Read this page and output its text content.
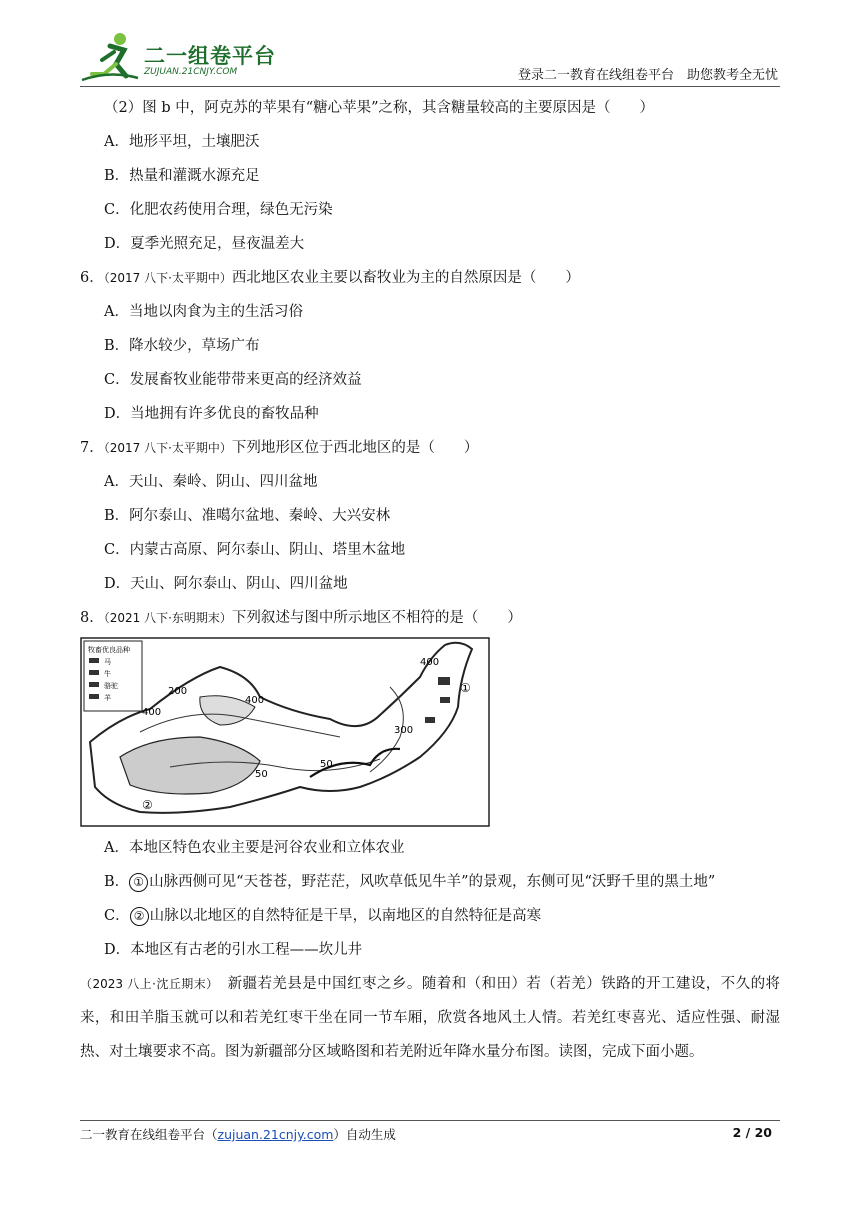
二一组卷平台
ZUJUAN.21CNJY.COM	登录二一教育在线组卷平台　助您教考全无忧
（2）图 b 中，阿克苏的苹果有“糖心苹果”之称，其含糖量较高的主要原因是（　　）
A．地形平坦，土壤肥沃
B．热量和灌溉水源充足
C．化肥农药使用合理，绿色无污染
D．夏季光照充足，昼夜温差大
6．（2017 八下·太平期中）西北地区农业主要以畜牧业为主的自然原因是（　　）
A．当地以肉食为主的生活习俗
B．降水较少，草场广布
C．发展畜牧业能带带来更高的经济效益
D．当地拥有许多优良的畜牧品种
7．（2017 八下·太平期中）下列地形区位于西北地区的是（　　）
A．天山、秦岭、阴山、四川盆地
B．阿尔泰山、准噶尔盆地、秦岭、大兴安林
C．内蒙古高原、阿尔泰山、阴山、塔里木盆地
D．天山、阿尔泰山、阴山、四川盆地
8．（2021 八下·东明期末）下列叙述与图中所示地区不相符的是（　　）
牧畜优良品种
马
牛
骆驼
羊
400
200
400
400
300
50
50
①
②
A．本地区特色农业主要是河谷农业和立体农业
B． ① 山脉西侧可见“天苍苍，野茫茫，风吹草低见牛羊”的景观，东侧可见“沃野千里的黑土地”
C． ② 山脉以北地区的自然特征是干旱，以南地区的自然特征是高寒
D．本地区有古老的引水工程——坎儿井
（2023 八上·沈丘期末）　 新疆若羌县是中国红枣之乡。随着和（和田）若（若羌）铁路的开工建设，不久的将来，和田羊脂玉就可以和若羌红枣干坐在同一节车厢，欣赏各地风土人情。若羌红枣喜光、适应性强、耐湿热、对土壤要求不高。图为新疆部分区域略图和若羌附近年降水量分布图。读图，完成下面小题。
二一教育在线组卷平台（zujuan.21cnjy.com）自动生成	2 / 20
